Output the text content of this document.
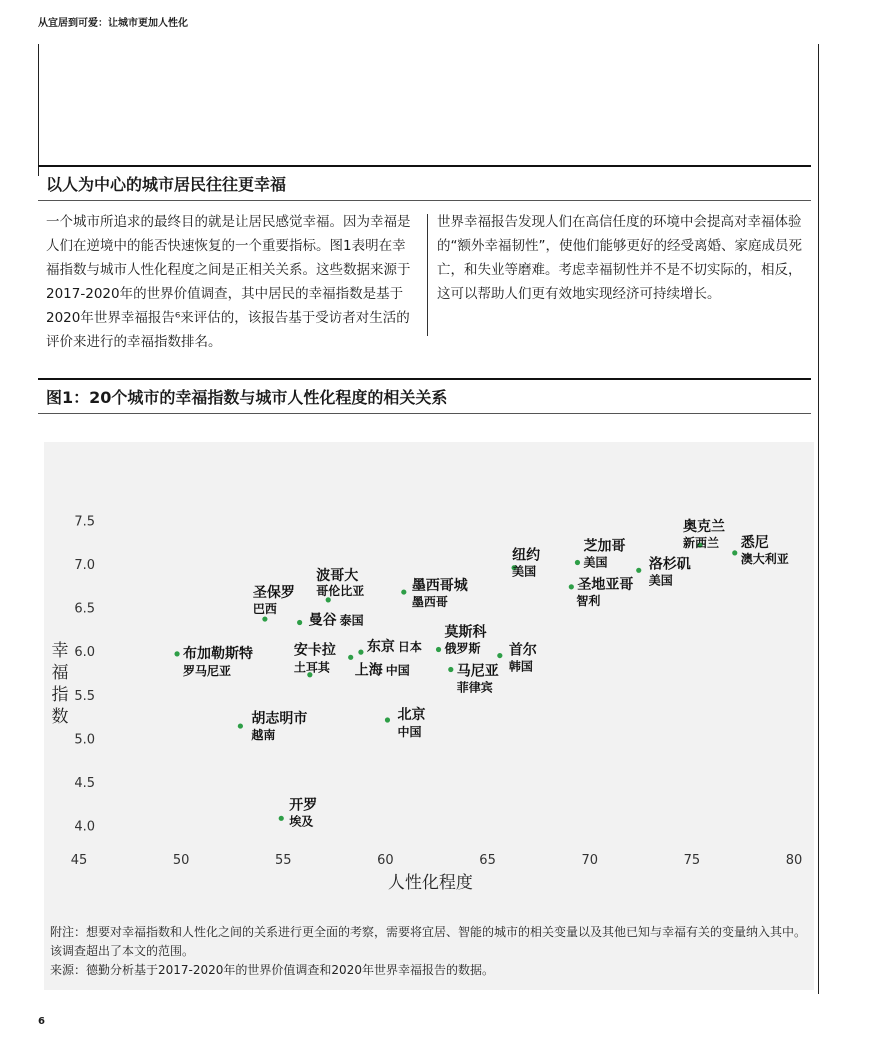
从宜居到可爱：让城市更加人性化
以人为中心的城市居民往往更幸福
一个城市所追求的最终目的就是让居民感觉幸福。因为幸福是人们在逆境中的能否快速恢复的一个重要指标。图1表明在幸福指数与城市人性化程度之间是正相关关系。这些数据来源于2017-2020年的世界价值调查，其中居民的幸福指数是基于2020年世界幸福报告⁶来评估的，该报告基于受访者对生活的评价来进行的幸福指数排名。
世界幸福报告发现人们在高信任度的环境中会提高对幸福体验的“额外幸福韧性”，使他们能够更好的经受离婚、家庭成员死亡，和失业等磨难。考虑幸福韧性并不是不切实际的，相反，这可以帮助人们更有效地实现经济可持续增长。
图1：20个城市的幸福指数与城市人性化程度的相关关系
4.0
4.5
5.0
5.5
6.0
6.5
7.0
7.5
45	50	55	60	65	70	75	80
人性化程度
幸
福
指
数
奥克兰
新西兰 悉尼
澳大利亚
芝加哥
美国	洛杉矶
美国
纽约
美国
圣地亚哥
智利
墨西哥城
墨西哥
波哥大
哥伦比亚
圣保罗
巴西
曼谷 泰国
布加勒斯特
罗马尼亚
安卡拉
土耳其
东京 日本
上海 中国
莫斯科
俄罗斯 首尔
韩国
马尼亚
菲律宾
胡志明市
越南
北京
中国
开罗
埃及
附注：想要对幸福指数和人性化之间的关系进行更全面的考察，需要将宜居、智能的城市的相关变量以及其他已知与幸福有关的变量纳入其中。该调查超出了本文的范围。
来源：德勤分析基于2017-2020年的世界价值调查和2020年世界幸福报告的数据。
6
